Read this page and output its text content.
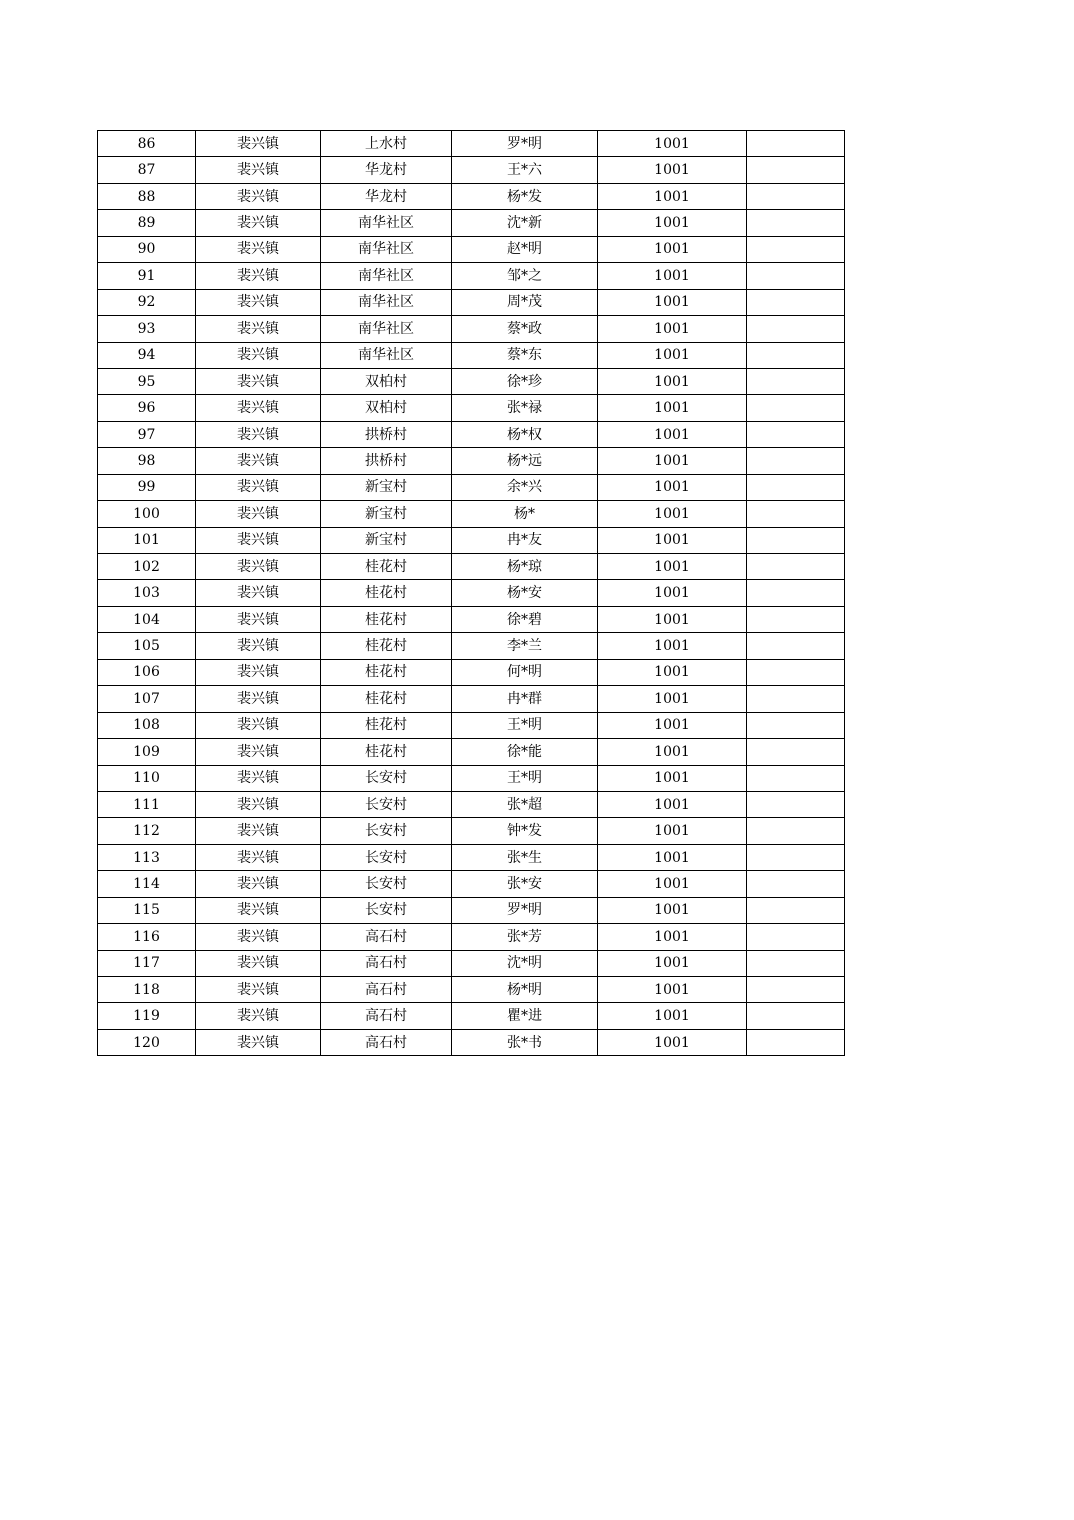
86	裴兴镇	上水村	罗*明	1001	
87	裴兴镇	华龙村	王*六	1001	
88	裴兴镇	华龙村	杨*发	1001	
89	裴兴镇	南华社区	沈*新	1001	
90	裴兴镇	南华社区	赵*明	1001	
91	裴兴镇	南华社区	邹*之	1001	
92	裴兴镇	南华社区	周*茂	1001	
93	裴兴镇	南华社区	蔡*政	1001	
94	裴兴镇	南华社区	蔡*东	1001	
95	裴兴镇	双柏村	徐*珍	1001	
96	裴兴镇	双柏村	张*禄	1001	
97	裴兴镇	拱桥村	杨*权	1001	
98	裴兴镇	拱桥村	杨*远	1001	
99	裴兴镇	新宝村	余*兴	1001	
100	裴兴镇	新宝村	杨*	1001	
101	裴兴镇	新宝村	冉*友	1001	
102	裴兴镇	桂花村	杨*琼	1001	
103	裴兴镇	桂花村	杨*安	1001	
104	裴兴镇	桂花村	徐*碧	1001	
105	裴兴镇	桂花村	李*兰	1001	
106	裴兴镇	桂花村	何*明	1001	
107	裴兴镇	桂花村	冉*群	1001	
108	裴兴镇	桂花村	王*明	1001	
109	裴兴镇	桂花村	徐*能	1001	
110	裴兴镇	长安村	王*明	1001	
111	裴兴镇	长安村	张*超	1001	
112	裴兴镇	长安村	钟*发	1001	
113	裴兴镇	长安村	张*生	1001	
114	裴兴镇	长安村	张*安	1001	
115	裴兴镇	长安村	罗*明	1001	
116	裴兴镇	高石村	张*芳	1001	
117	裴兴镇	高石村	沈*明	1001	
118	裴兴镇	高石村	杨*明	1001	
119	裴兴镇	高石村	瞿*进	1001	
120	裴兴镇	高石村	张*书	1001	
